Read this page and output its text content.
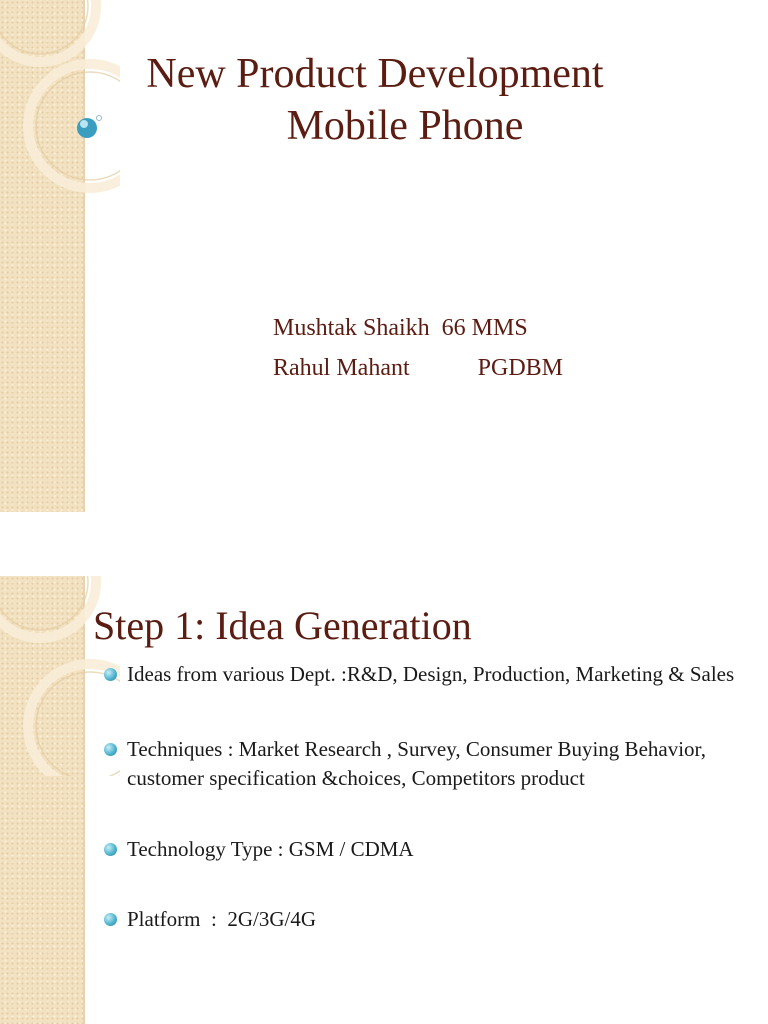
New Product Development
Mobile Phone
Mushtak Shaikh 66 MMS
Rahul Mahant	PGDBM
Step 1: Idea Generation
Ideas from various Dept. :R&D, Design, Production, Marketing & Sales
Techniques : Market Research , Survey, Consumer Buying Behavior, customer specification &choices, Competitors product
Technology Type : GSM / CDMA
Platform  :  2G/3G/4G
